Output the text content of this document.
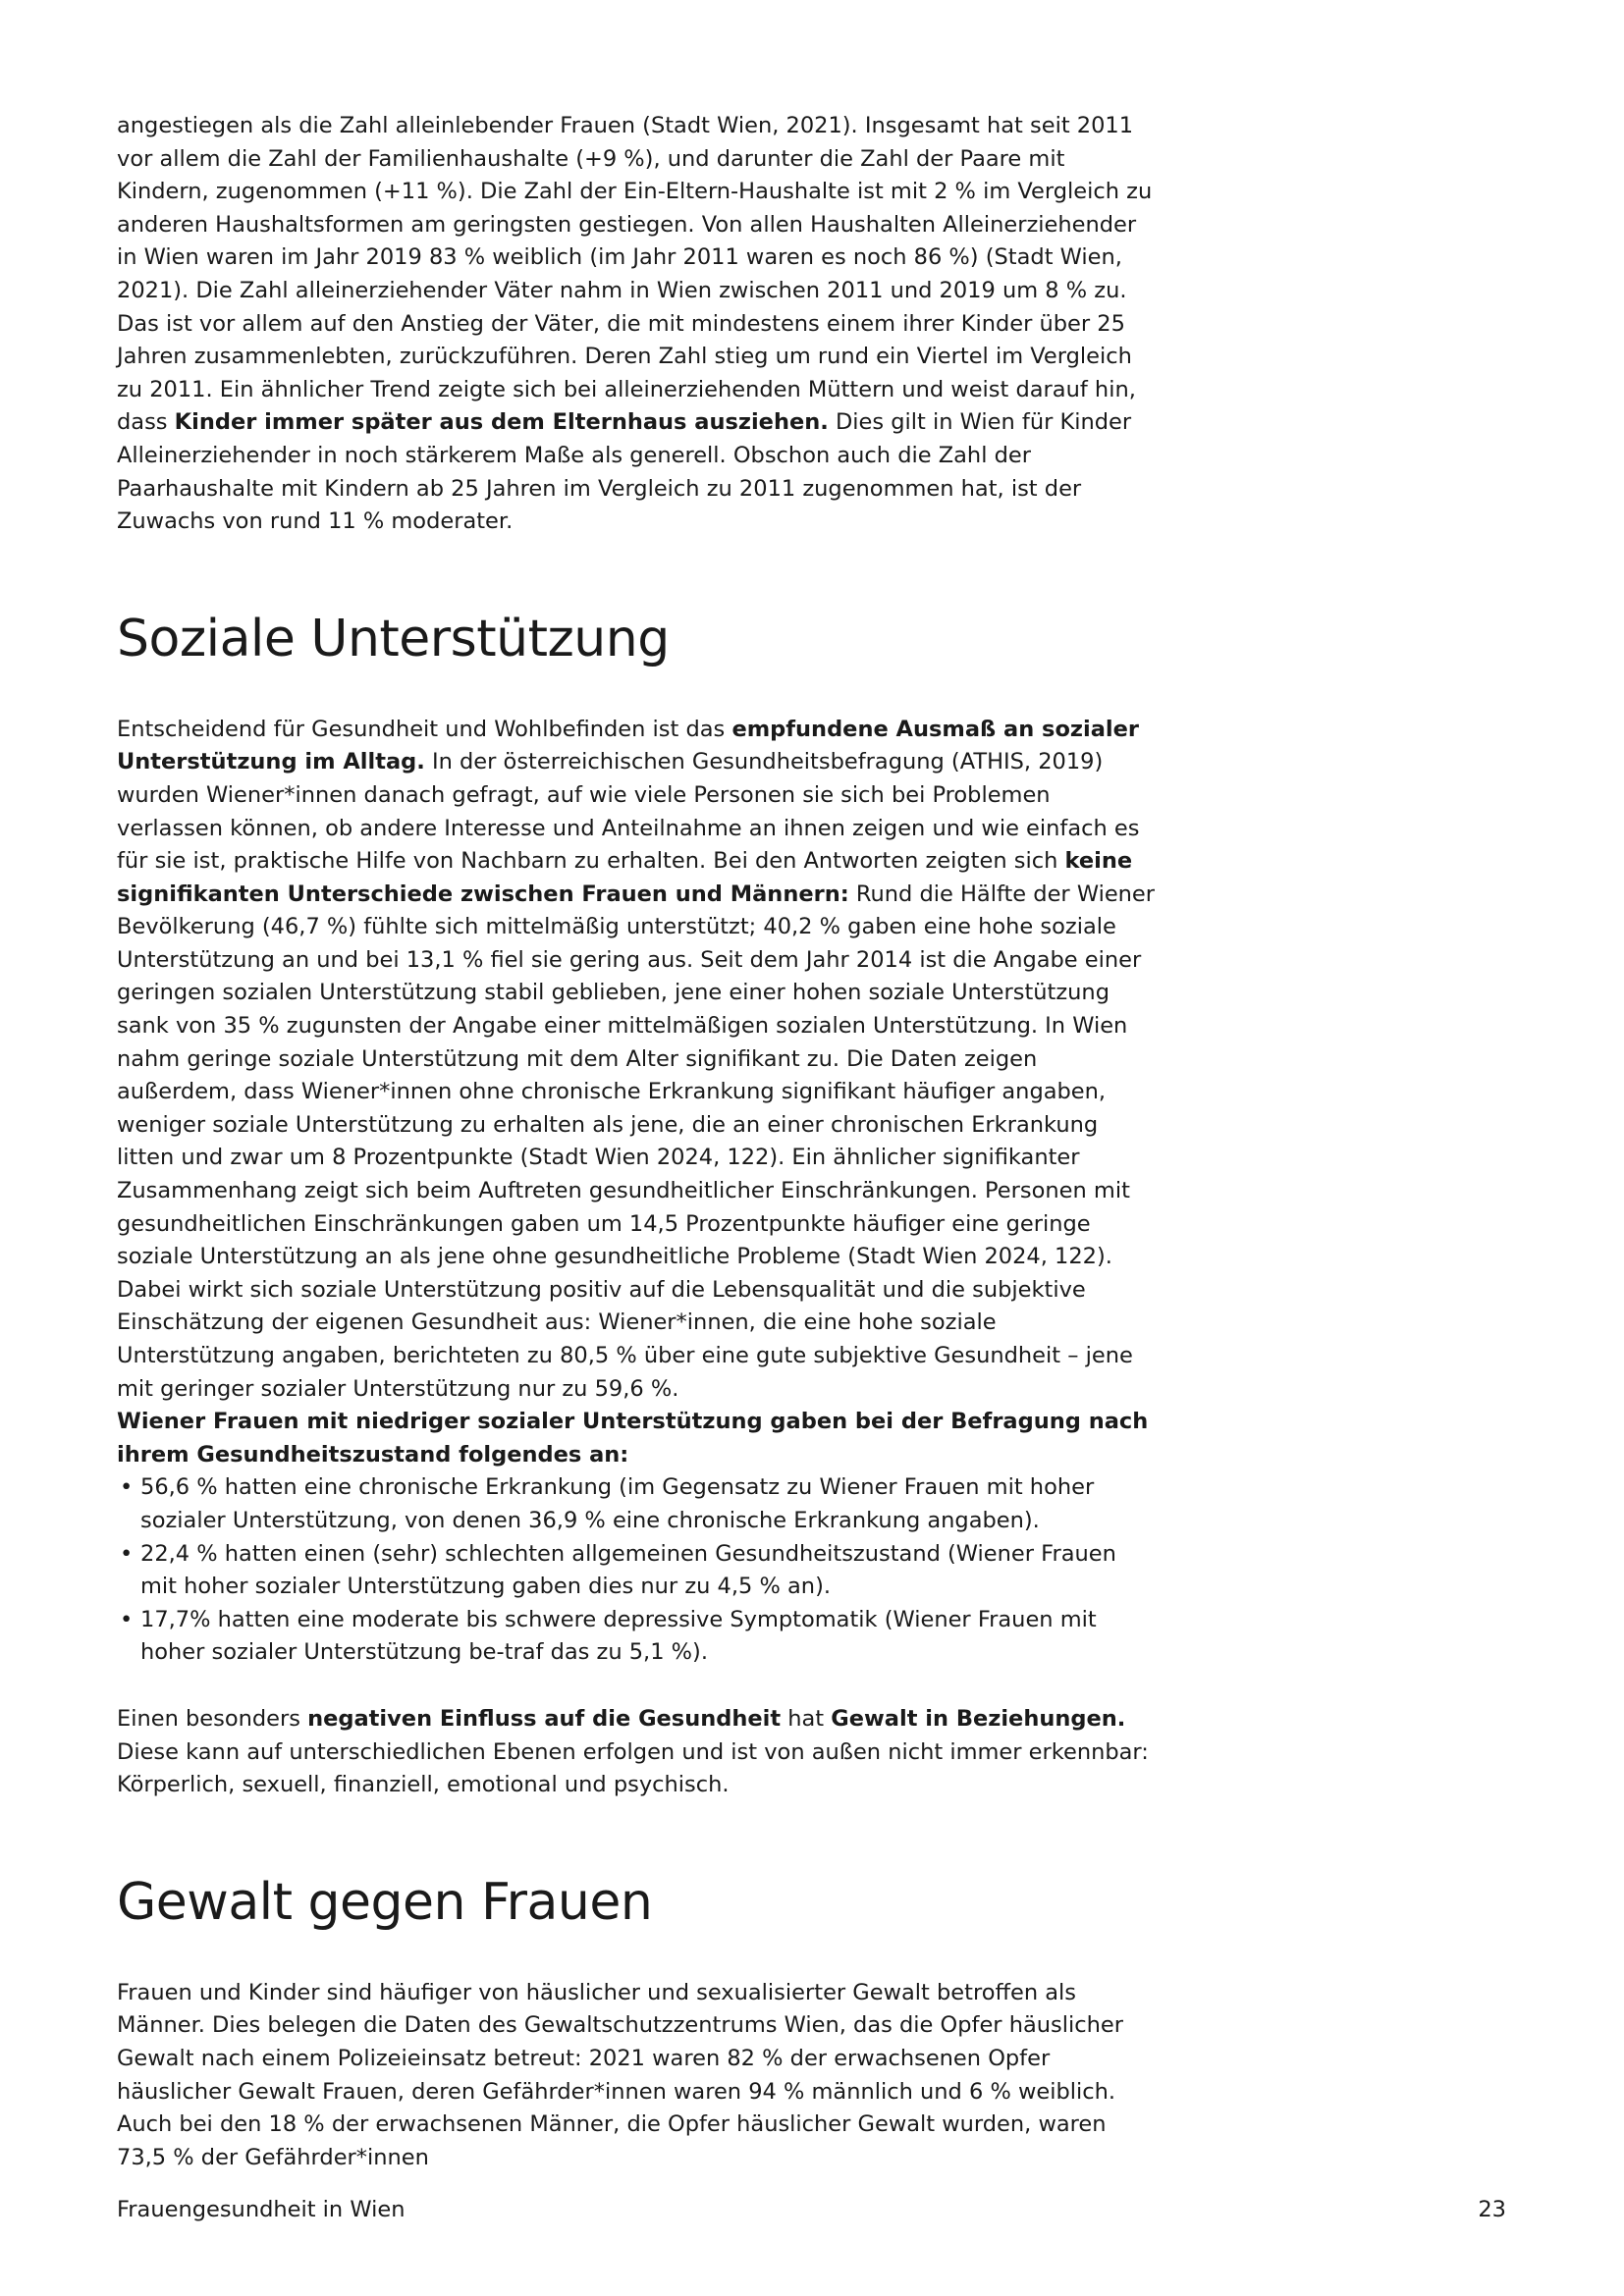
angestiegen als die Zahl alleinlebender Frauen (Stadt Wien, 2021). Insgesamt hat seit 2011 vor allem die Zahl der Familienhaushalte (+9 %), und darunter die Zahl der Paare mit Kindern, zugenommen (+11 %). Die Zahl der Ein-Eltern-Haushalte ist mit 2 % im Vergleich zu anderen Haushaltsformen am geringsten gestiegen. Von allen Haushalten Alleinerziehender in Wien waren im Jahr 2019 83 % weiblich (im Jahr 2011 waren es noch 86 %) (Stadt Wien, 2021). Die Zahl alleinerziehender Väter nahm in Wien zwischen 2011 und 2019 um 8 % zu. Das ist vor allem auf den Anstieg der Väter, die mit mindestens einem ihrer Kinder über 25 Jahren zusammenlebten, zurückzuführen. Deren Zahl stieg um rund ein Viertel im Vergleich zu 2011. Ein ähnlicher Trend zeigte sich bei alleinerziehenden Müttern und weist darauf hin, dass Kinder immer später aus dem Elternhaus ausziehen. Dies gilt in Wien für Kinder Alleinerziehender in noch stärkerem Maße als generell. Obschon auch die Zahl der Paarhaushalte mit Kindern ab 25 Jahren im Vergleich zu 2011 zugenommen hat, ist der Zuwachs von rund 11 % moderater.

Soziale Unterstützung

Entscheidend für Gesundheit und Wohlbefinden ist das empfundene Ausmaß an sozialer Unterstützung im Alltag. In der österreichischen Gesundheitsbefragung (ATHIS, 2019) wurden Wiener*innen danach gefragt, auf wie viele Personen sie sich bei Problemen verlassen können, ob andere Interesse und Anteilnahme an ihnen zeigen und wie einfach es für sie ist, praktische Hilfe von Nachbarn zu erhalten. Bei den Antworten zeigten sich keine signifikanten Unterschiede zwischen Frauen und Männern: Rund die Hälfte der Wiener Bevölkerung (46,7 %) fühlte sich mittelmäßig unterstützt; 40,2 % gaben eine hohe soziale Unterstützung an und bei 13,1 % fiel sie gering aus. Seit dem Jahr 2014 ist die Angabe einer geringen sozialen Unterstützung stabil geblieben, jene einer hohen soziale Unterstützung sank von 35 % zugunsten der Angabe einer mittelmäßigen sozialen Unterstützung. In Wien nahm geringe soziale Unterstützung mit dem Alter signifikant zu. Die Daten zeigen außerdem, dass Wiener*innen ohne chronische Erkrankung signifikant häufiger angaben, weniger soziale Unterstützung zu erhalten als jene, die an einer chronischen Erkrankung litten und zwar um 8 Prozentpunkte (Stadt Wien 2024, 122). Ein ähnlicher signifikanter Zusammenhang zeigt sich beim Auftreten gesundheitlicher Einschränkungen. Personen mit gesundheitlichen Einschränkungen gaben um 14,5 Prozentpunkte häufiger eine geringe soziale Unterstützung an als jene ohne gesundheitliche Probleme (Stadt Wien 2024, 122). Dabei wirkt sich soziale Unterstützung positiv auf die Lebensqualität und die subjektive Einschätzung der eigenen Gesundheit aus: Wiener*innen, die eine hohe soziale Unterstützung angaben, berichteten zu 80,5 % über eine gute subjektive Gesundheit – jene mit geringer sozialer Unterstützung nur zu 59,6 %.

Wiener Frauen mit niedriger sozialer Unterstützung gaben bei der Befragung nach ihrem Gesundheitszustand folgendes an:

• 56,6 % hatten eine chronische Erkrankung (im Gegensatz zu Wiener Frauen mit hoher sozialer Unterstützung, von denen 36,9 % eine chronische Erkrankung angaben).
• 22,4 % hatten einen (sehr) schlechten allgemeinen Gesundheitszustand (Wiener Frauen mit hoher sozialer Unterstützung gaben dies nur zu 4,5 % an).
• 17,7% hatten eine moderate bis schwere depressive Symptomatik (Wiener Frauen mit hoher sozialer Unterstützung be-traf das zu 5,1 %).

Einen besonders negativen Einfluss auf die Gesundheit hat Gewalt in Beziehungen. Diese kann auf unterschiedlichen Ebenen erfolgen und ist von außen nicht immer erkennbar: Körperlich, sexuell, finanziell, emotional und psychisch.

Gewalt gegen Frauen

Frauen und Kinder sind häufiger von häuslicher und sexualisierter Gewalt betroffen als Männer. Dies belegen die Daten des Gewaltschutzzentrums Wien, das die Opfer häuslicher Gewalt nach einem Polizeieinsatz betreut: 2021 waren 82 % der erwachsenen Opfer häuslicher Gewalt Frauen, deren Gefährder*innen waren 94 % männlich und 6 % weiblich. Auch bei den 18 % der erwachsenen Männer, die Opfer häuslicher Gewalt wurden, waren 73,5 % der Gefährder*innen

Frauengesundheit in Wien	23
